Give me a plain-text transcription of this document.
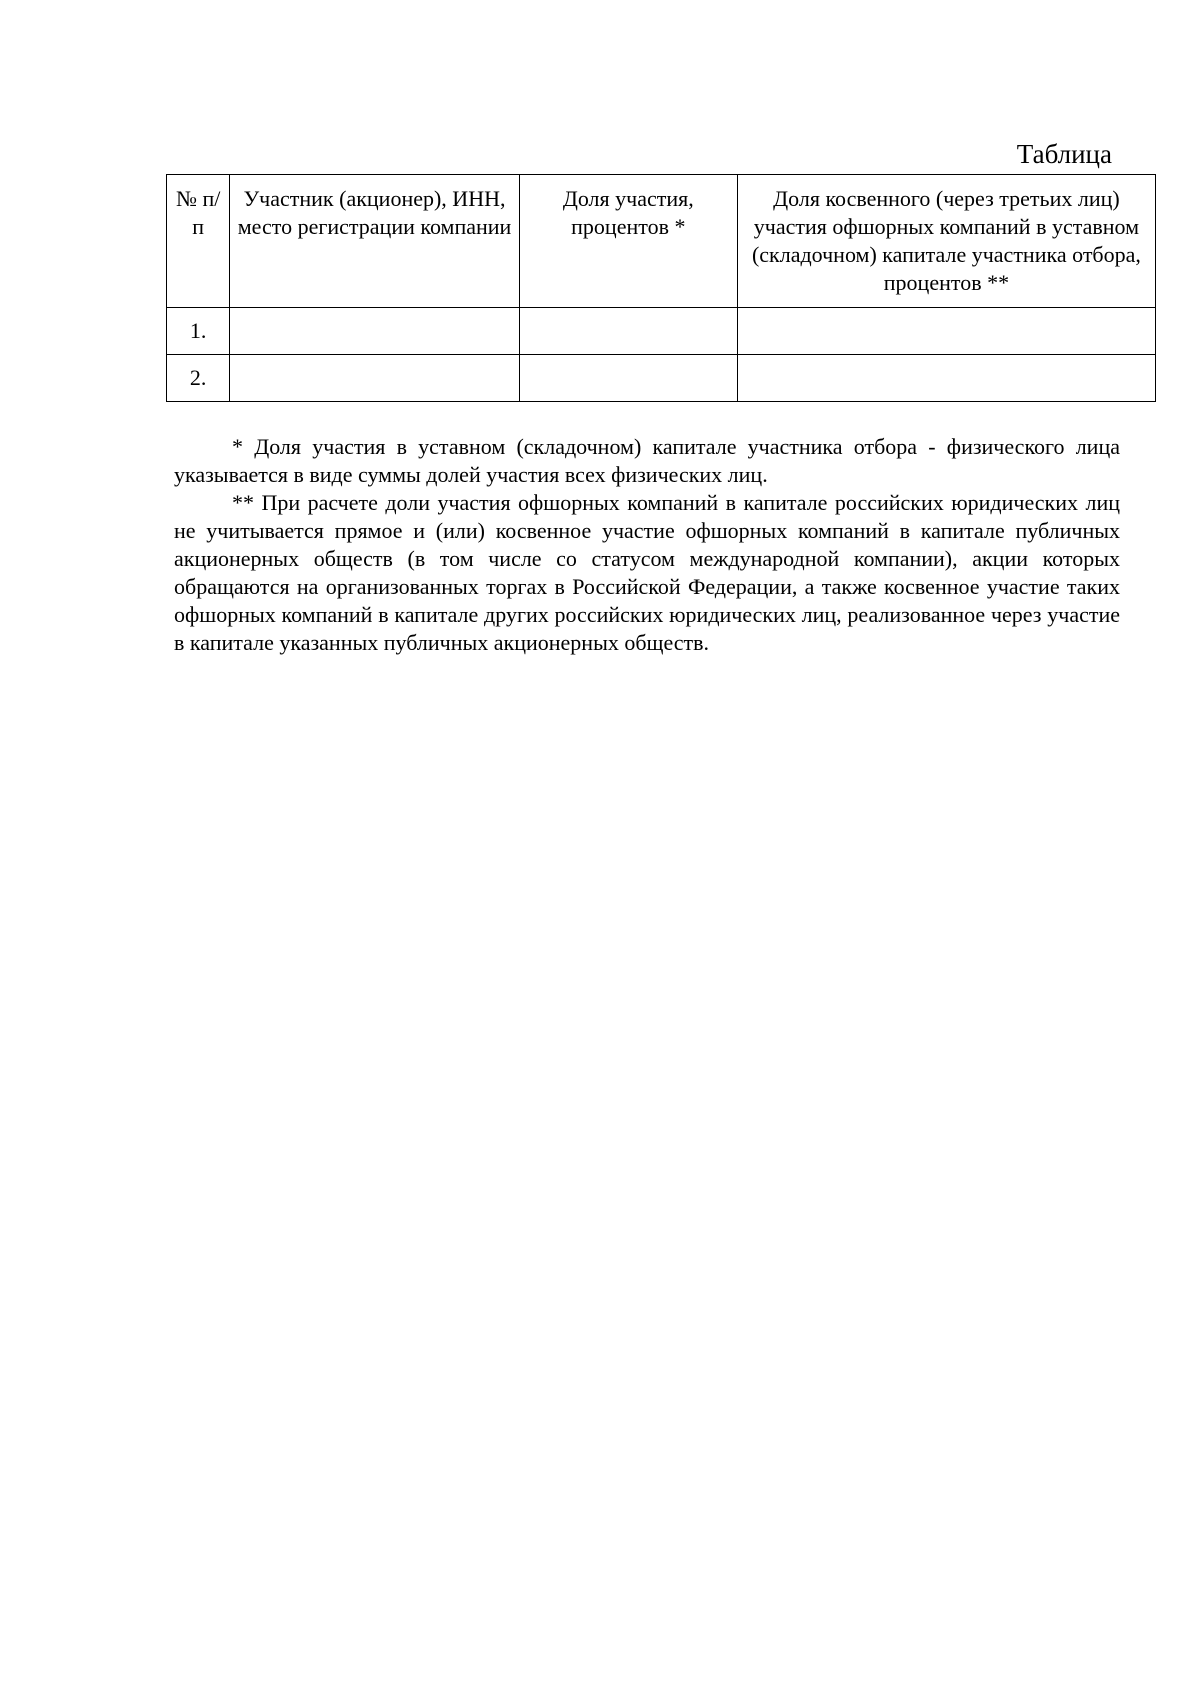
Таблица
№ п/п	Участник (акционер), ИНН, место регистрации компании	Доля участия, процентов *	Доля косвенного (через третьих лиц) участия офшорных компаний в уставном (складочном) капитале участника отбора, процентов **
1.			
2.			

* Доля участия в уставном (складочном) капитале участника отбора - физического лица указывается в виде суммы долей участия всех физических лиц.

** При расчете доли участия офшорных компаний в капитале российских юридических лиц не учитывается прямое и (или) косвенное участие офшорных компаний в капитале публичных акционерных обществ (в том числе со статусом международной компании), акции которых обращаются на организованных торгах в Российской Федерации, а также косвенное участие таких офшорных компаний в капитале других российских юридических лиц, реализованное через участие в капитале указанных публичных акционерных обществ.
